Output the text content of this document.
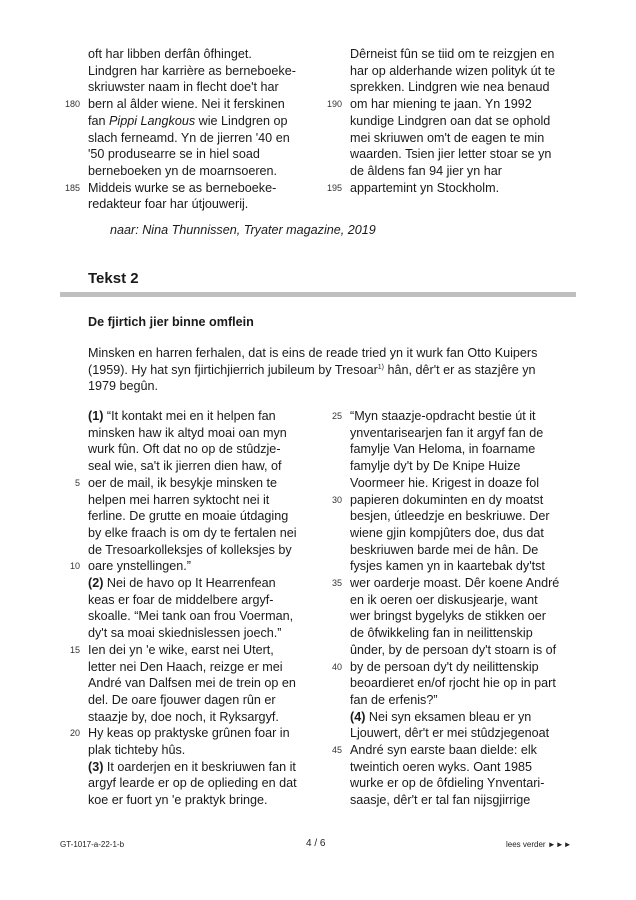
oft har libben derfân ôfhinget.
Lindgren har karrière as berneboeke-
skriuwster naam in flecht doe't har
180 bern al âlder wiene. Nei it ferskinen
fan Pippi Langkous wie Lindgren op
slach ferneamd. Yn de jierren '40 en
'50 produsearre se in hiel soad
berneboeken yn de moarnsoeren.
185 Middeis wurke se as berneboeke-
redakteur foar har útjouwerij.
Dêrneist fûn se tiid om te reizgjen en
har op alderhande wizen polityk út te
sprekken. Lindgren wie nea benaud
190 om har miening te jaan. Yn 1992
kundige Lindgren oan dat se ophold
mei skriuwen om't de eagen te min
waarden. Tsien jier letter stoar se yn
de âldens fan 94 jier yn har
195 appartemint yn Stockholm.
naar: Nina Thunnissen, Tryater magazine, 2019
Tekst 2
De fjirtich jier binne omflein
Minsken en harren ferhalen, dat is eins de reade tried yn it wurk fan Otto Kuipers
(1959). Hy hat syn fjirtichjierrich jubileum by Tresoar$^{1)}$ hân, dêr't er as stazjêre yn
1979 begûn.
(1) “It kontakt mei en it helpen fan
minsken haw ik altyd moai oan myn
wurk fûn. Oft dat no op de stûdzje-
seal wie, sa't ik jierren dien haw, of
5 oer de mail, ik besykje minsken te
helpen mei harren syktocht nei it
ferline. De grutte en moaie útdaging
by elke fraach is om dy te fertalen nei
de Tresoarkolleksjes of kolleksjes by
10 oare ynstellingen.”
(2) Nei de havo op It Hearrenfean
keas er foar de middelbere argyf-
skoalle. “Mei tank oan frou Voerman,
dy't sa moai skiednislessen joech.”
15 Ien dei yn 'e wike, earst nei Utert,
letter nei Den Haach, reizge er mei
André van Dalfsen mei de trein op en
del. De oare fjouwer dagen rûn er
staazje by, doe noch, it Ryksargyf.
20 Hy keas op praktyske grûnen foar in
plak tichteby hûs.
(3) It oarderjen en it beskriuwen fan it
argyf learde er op de oplieding en dat
koe er fuort yn 'e praktyk bringe.
25 “Myn staazje-opdracht bestie út it
ynventarisearjen fan it argyf fan de
famylje Van Heloma, in foarname
famylje dy't by De Knipe Huize
Voormeer hie. Krigest in doaze fol
30 papieren dokuminten en dy moatst
besjen, útleedzje en beskriuwe. Der
wiene gjin kompjûters doe, dus dat
beskriuwen barde mei de hân. De
fysjes kamen yn in kaartebak dy'tst
35 wer oarderje moast. Dêr koene André
en ik oeren oer diskusjearje, want
wer bringst bygelyks de stikken oer
de ôfwikkeling fan in neilittenskip
ûnder, by de persoan dy't stoarn is of
40 by de persoan dy't dy neilittenskip
beoardieret en/of rjocht hie op in part
fan de erfenis?”
(4) Nei syn eksamen bleau er yn
Ljouwert, dêr't er mei stûdzjegenoat
45 André syn earste baan dielde: elk
tweintich oeren wyks. Oant 1985
wurke er op de ôfdieling Ynventari-
saasje, dêr't er tal fan nijsgjirrige
GT-1017-a-22-1-b	4 / 6	lees verder ►►►
